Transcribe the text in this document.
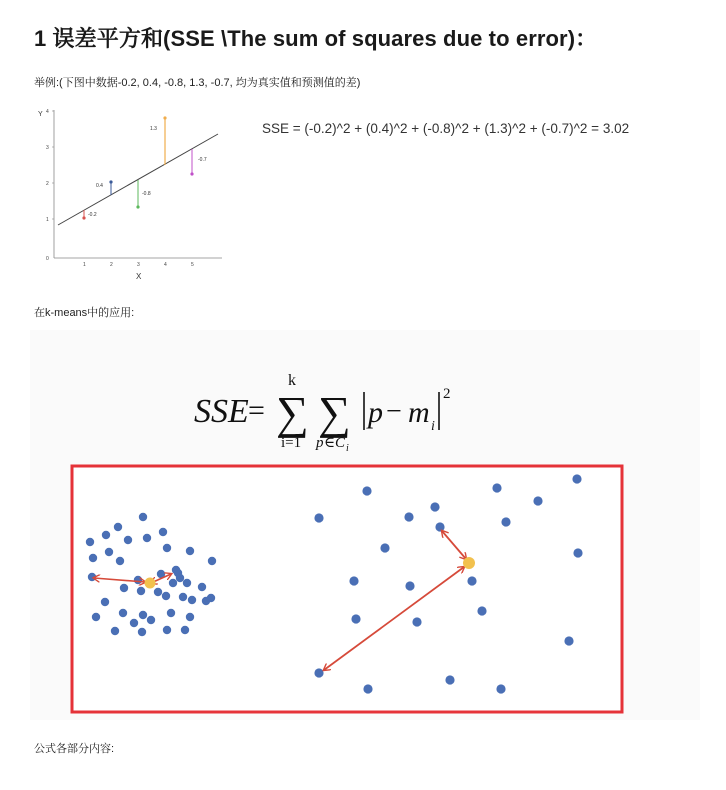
1 误差平方和(SSE \The sum of squares due to error)：

举例:(下图中数据-0.2, 0.4, -0.8, 1.3, -0.7, 均为真实值和预测值的差)

Y
X
0
1
2
3
4
1	2	3	4	5
-0.2
0.4
-0.8
1.3
-0.7
SSE = (-0.2)^2 + (0.4)^2 + (-0.8)^2 + (1.3)^2 + (-0.7)^2 = 3.02

在k-means中的应用:

SSE = ∑
k
i=1
∑
p ∈ C i
p − m i
2

公式各部分内容:
